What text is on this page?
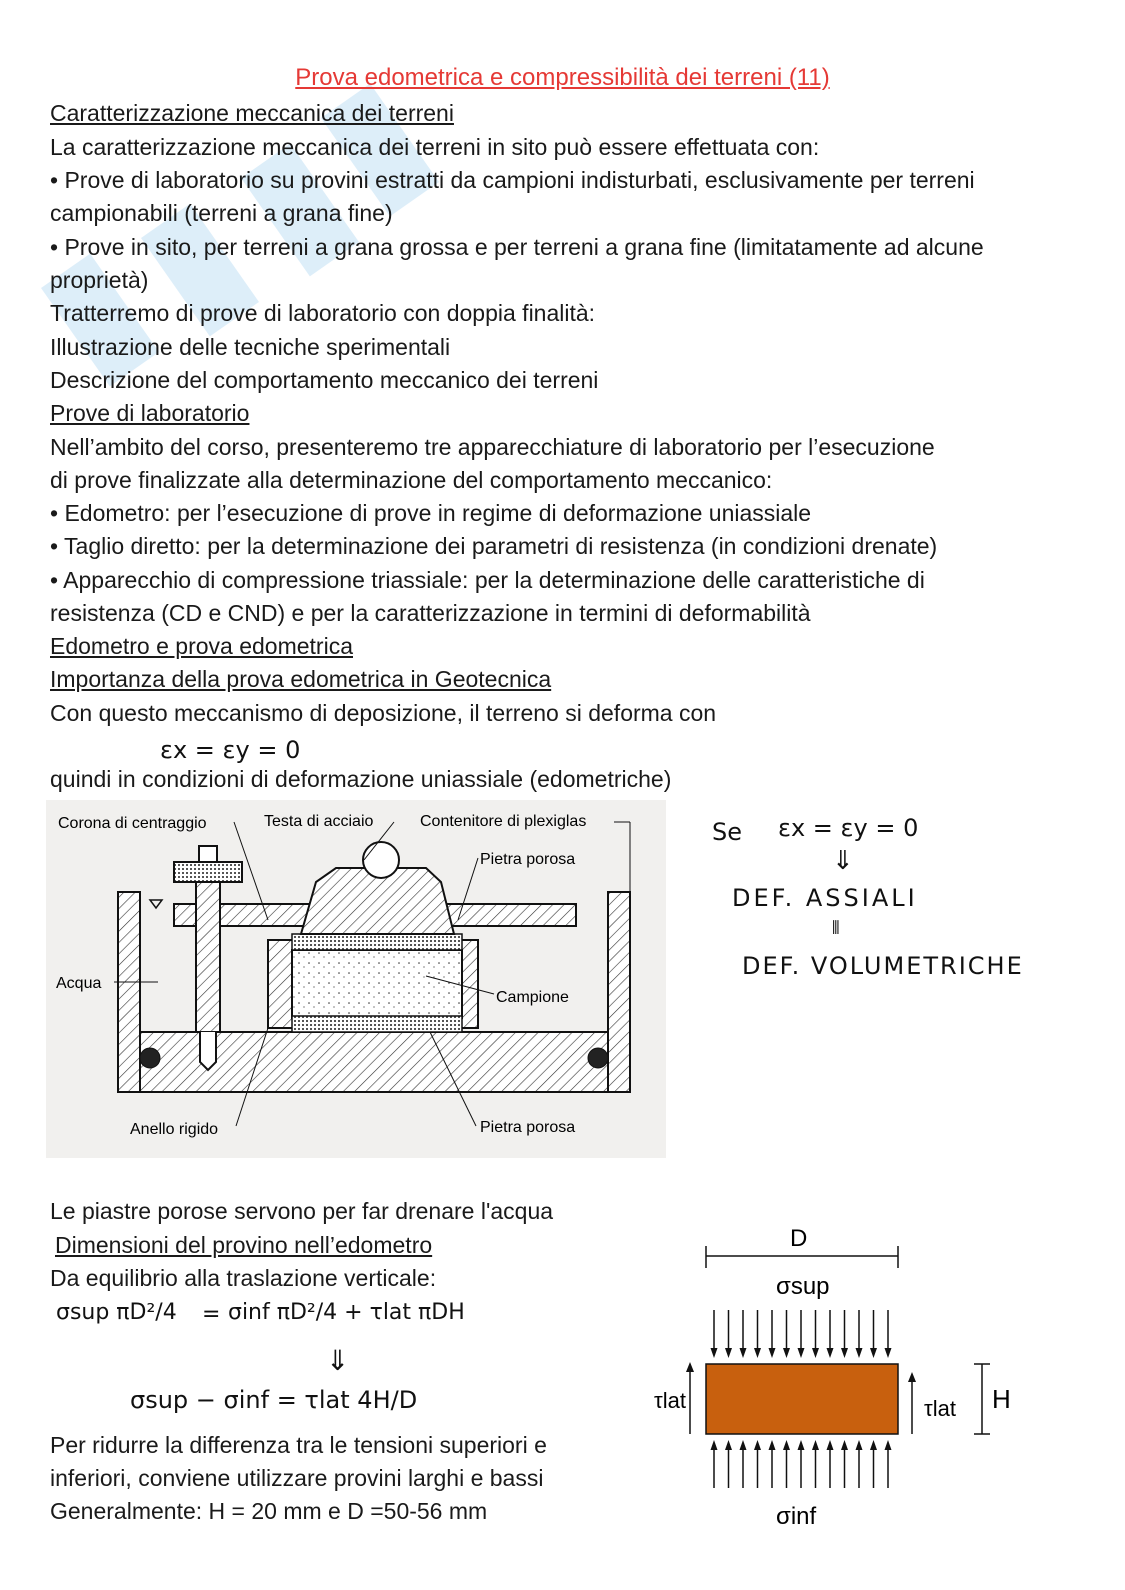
Prova edometrica e compressibilità dei terreni (11)
Caratterizzazione meccanica dei terreni
La caratterizzazione meccanica dei terreni in sito può essere effettuata con:
• Prove di laboratorio su provini estratti da campioni indisturbati, esclusivamente per terreni
campionabili (terreni a grana fine)
• Prove in sito, per terreni a grana grossa e per terreni a grana fine (limitatamente ad alcune
proprietà)
Tratterremo di prove di laboratorio con doppia finalità:
Illustrazione delle tecniche sperimentali
Descrizione del comportamento meccanico dei terreni
Prove di laboratorio
Nell’ambito del corso, presenteremo tre apparecchiature di laboratorio per l’esecuzione
di prove finalizzate alla determinazione del comportamento meccanico:
• Edometro: per l’esecuzione di prove in regime di deformazione uniassiale
• Taglio diretto: per la determinazione dei parametri di resistenza (in condizioni drenate)
• Apparecchio di compressione triassiale: per la determinazione delle caratteristiche di
resistenza (CD e CND) e per la caratterizzazione in termini di deformabilità
Edometro e prova edometrica
Importanza della prova edometrica in Geotecnica
Con questo meccanismo di deposizione, il terreno si deforma con
εx = εy = 0
quindi in condizioni di deformazione uniassiale (edometriche)
Corona di centraggio	Testa di acciaio	Contenitore di plexiglas
Pietra porosa
Acqua
Campione
Anello rigido	Pietra porosa
Se εx = εy = 0
⇓
DEF. ASSIALI
⫴
DEF. VOLUMETRICHE
Le piastre porose servono per far drenare l'acqua
Dimensioni del provino nell’edometro
Da equilibrio alla traslazione verticale:
σsup πD²/4 = σinf πD²/4 + τlat πDH
⇓
σsup − σinf = τlat 4H/D
Per ridurre la differenza tra le tensioni superiori e
inferiori, conviene utilizzare provini larghi e bassi
Generalmente: H = 20 mm e D =50-56 mm
D
σsup
τlat	τlat H
σinf
